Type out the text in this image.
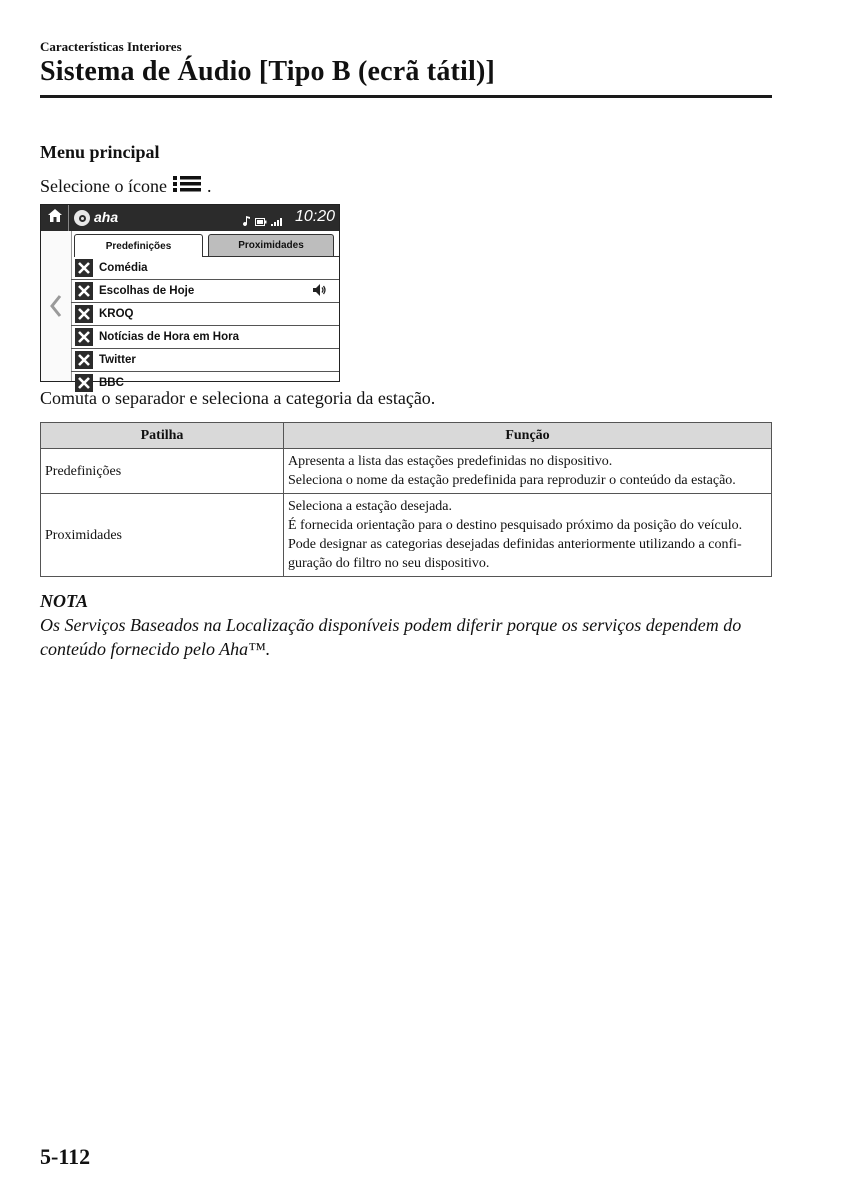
Características Interiores
Sistema de Áudio [Tipo B (ecrã tátil)]
Menu principal
Selecione o ícone .
aha	10:20
Predefinições	Proximidades
Comédia
Escolhas de Hoje
KROQ
Notícias de Hora em Hora
Twitter
BBC
Comuta o separador e seleciona a categoria da estação.
Patilha	Função
Predefinições	Apresenta a lista das estações predefinidas no dispositivo.
Seleciona o nome da estação predefinida para reproduzir o conteúdo da estação.

Proximidades	Seleciona a estação desejada.
É fornecida orientação para o destino pesquisado próximo da posição do veículo.
Pode designar as categorias desejadas definidas anteriormente utilizando a confi-
guração do filtro no seu dispositivo.
NOTA
Os Serviços Baseados na Localização disponíveis podem diferir porque os serviços dependem do conteúdo fornecido pelo Aha™.
5-112
